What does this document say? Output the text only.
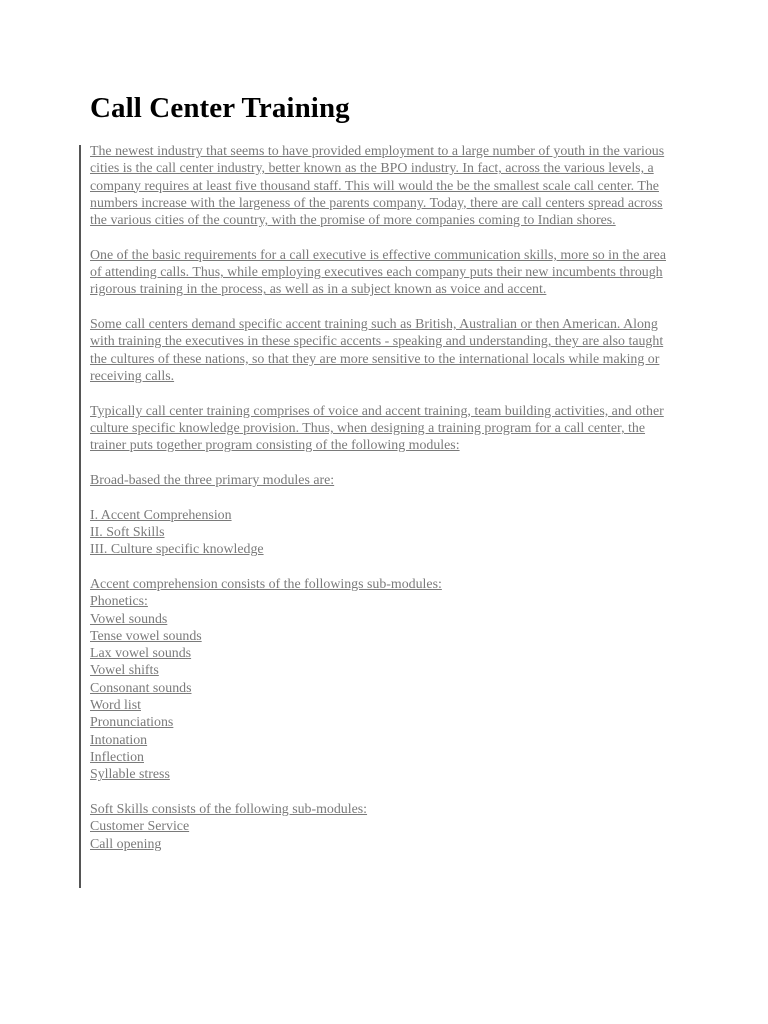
Call Center Training

The newest industry that seems to have provided employment to a large number of youth in the various cities is the call center industry, better known as the BPO industry. In fact, across the various levels, a company requires at least five thousand staff. This will would the be the smallest scale call center. The numbers increase with the largeness of the parents company. Today, there are call centers spread across the various cities of the country, with the promise of more companies coming to Indian shores.

One of the basic requirements for a call executive is effective communication skills, more so in the area of attending calls. Thus, while employing executives each company puts their new incumbents through rigorous training in the process, as well as in a subject known as voice and accent.

Some call centers demand specific accent training such as British, Australian or then American. Along with training the executives in these specific accents - speaking and understanding, they are also taught the cultures of these nations, so that they are more sensitive to the international locals while making or receiving calls.

Typically call center training comprises of voice and accent training, team building activities, and other culture specific knowledge provision. Thus, when designing a training program for a call center, the trainer puts together program consisting of the following modules:

Broad-based the three primary modules are:

I. Accent Comprehension
II. Soft Skills
III. Culture specific knowledge
Accent comprehension consists of the followings sub-modules:
Phonetics:
Vowel sounds
Tense vowel sounds
Lax vowel sounds
Vowel shifts
Consonant sounds
Word list
Pronunciations
Intonation
Inflection
Syllable stress
Soft Skills consists of the following sub-modules:
Customer Service
Call opening
